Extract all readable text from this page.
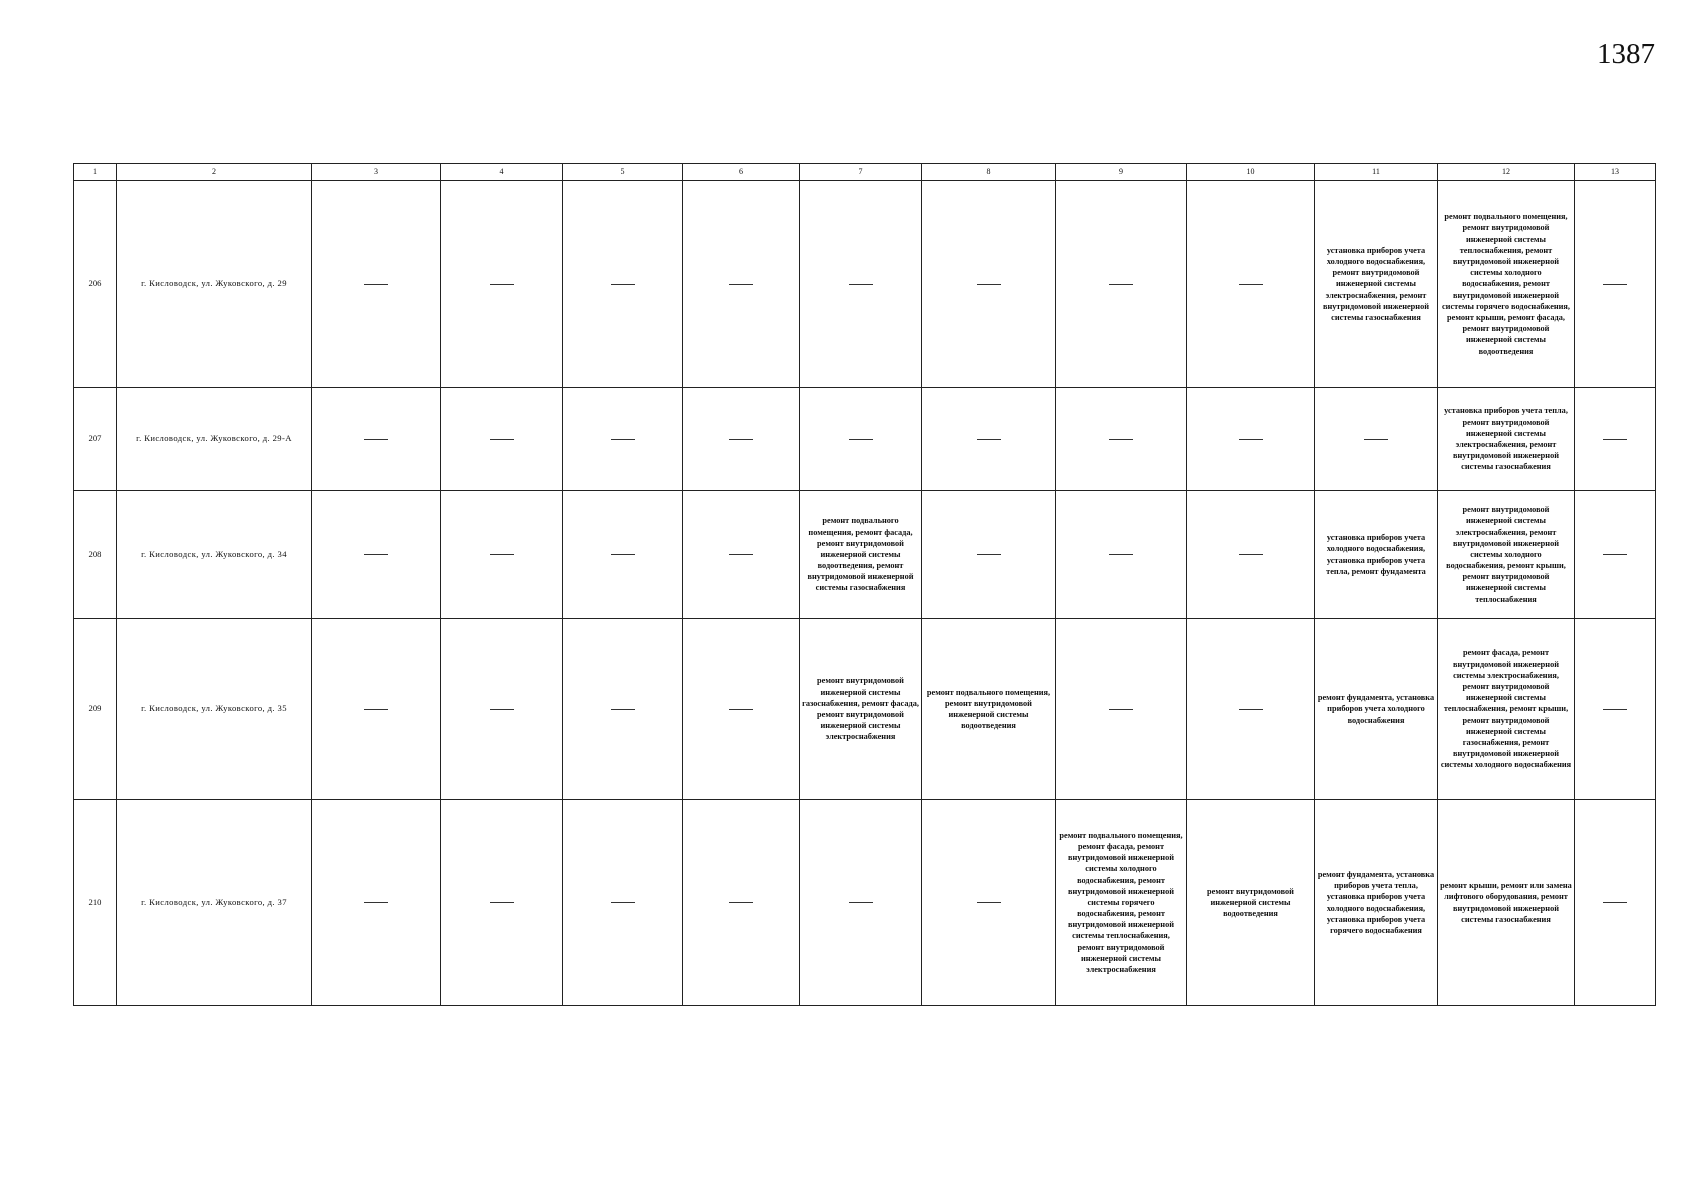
1387
1	2	3	4	5	6	7	8	9	10	11	12	13
206	г. Кисловодск, ул. Жуковского, д. 29									установка приборов учета холодного водоснабжения, ремонт внутридомовой инженерной системы электроснабжения, ремонт внутридомовой инженерной системы газоснабжения	ремонт подвального помещения, ремонт внутридомовой инженерной системы теплоснабжения, ремонт внутридомовой инженерной системы холодного водоснабжения, ремонт внутридомовой инженерной системы горячего водоснабжения, ремонт крыши, ремонт фасада, ремонт внутридомовой инженерной системы водоотведения	

207	г. Кисловодск, ул. Жуковского, д. 29-А										установка приборов учета тепла, ремонт внутридомовой инженерной системы электроснабжения, ремонт внутридомовой инженерной системы газоснабжения	

208	г. Кисловодск, ул. Жуковского, д. 34					ремонт подвального помещения, ремонт фасада, ремонт внутридомовой инженерной системы водоотведения, ремонт внутридомовой инженерной системы газоснабжения				установка приборов учета холодного водоснабжения, установка приборов учета тепла, ремонт фундамента	ремонт внутридомовой инженерной системы электроснабжения, ремонт внутридомовой инженерной системы холодного водоснабжения, ремонт крыши, ремонт внутридомовой инженерной системы теплоснабжения	

209	г. Кисловодск, ул. Жуковского, д. 35					ремонт внутридомовой инженерной системы газоснабжения, ремонт фасада, ремонт внутридомовой инженерной системы электроснабжения	ремонт подвального помещения, ремонт внутридомовой инженерной системы водоотведения			ремонт фундамента, установка приборов учета холодного водоснабжения	ремонт фасада, ремонт внутридомовой инженерной системы электроснабжения, ремонт внутридомовой инженерной системы теплоснабжения, ремонт крыши, ремонт внутридомовой инженерной системы газоснабжения, ремонт внутридомовой инженерной системы холодного водоснабжения	

210	г. Кисловодск, ул. Жуковского, д. 37							ремонт подвального помещения, ремонт фасада, ремонт внутридомовой инженерной системы холодного водоснабжения, ремонт внутридомовой инженерной системы горячего водоснабжения, ремонт внутридомовой инженерной системы теплоснабжения, ремонт внутридомовой инженерной системы электроснабжения	ремонт внутридомовой инженерной системы водоотведения	ремонт фундамента, установка приборов учета тепла, установка приборов учета холодного водоснабжения, установка приборов учета горячего водоснабжения	ремонт крыши, ремонт или замена лифтового оборудования, ремонт внутридомовой инженерной системы газоснабжения	
